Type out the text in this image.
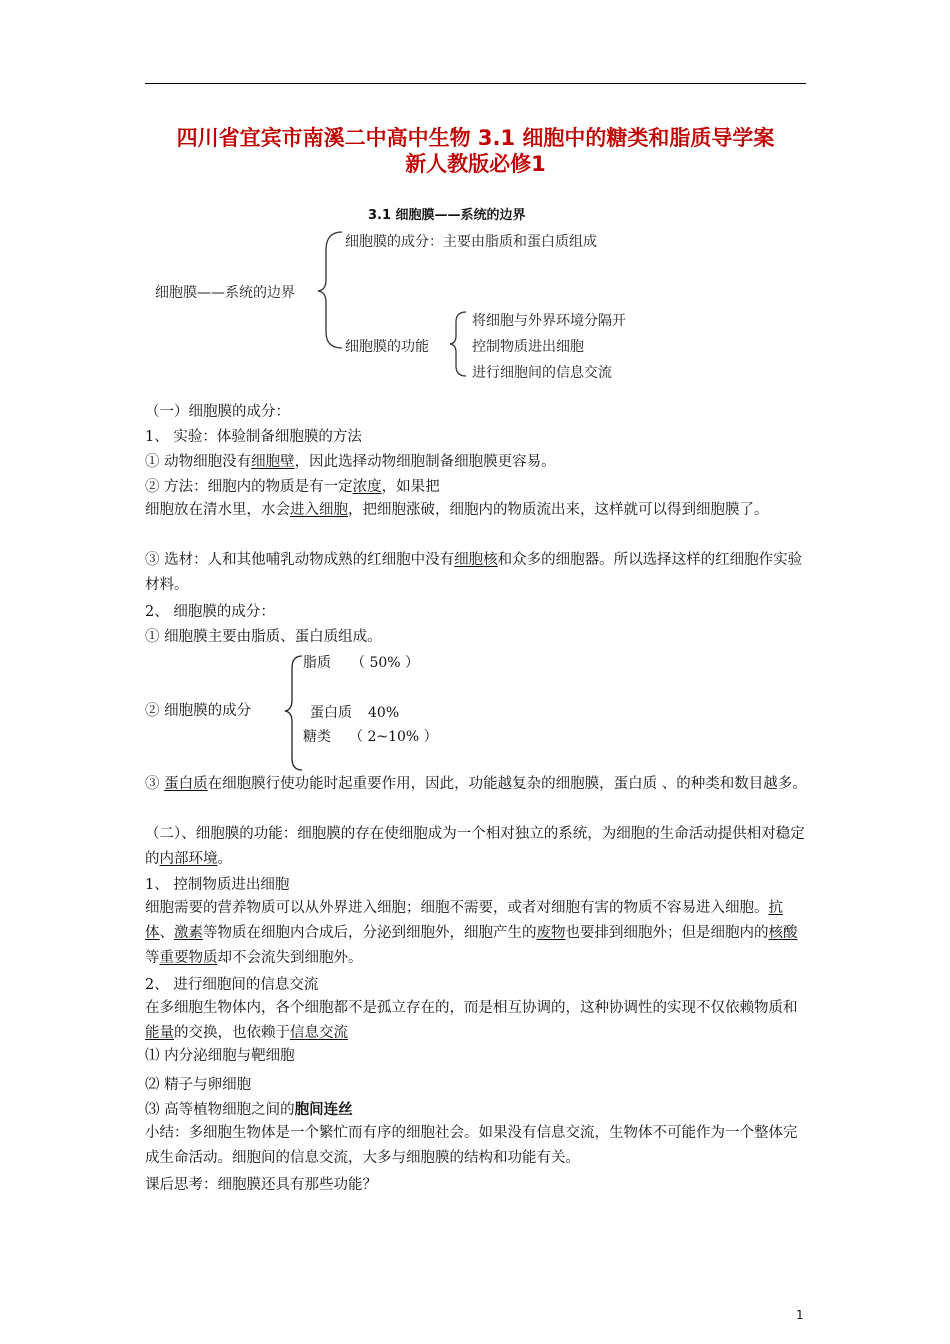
四川省宜宾市南溪二中高中生物 3.1 细胞中的糖类和脂质导学案
新人教版必修1
3.1 细胞膜——系统的边界
细胞膜——系统的边界
细胞膜的成分：主要由脂质和蛋白质组成
细胞膜的功能
将细胞与外界环境分隔开
控制物质进出细胞
进行细胞间的信息交流
（一）细胞膜的成分：
1、 实验：体验制备细胞膜的方法
① 动物细胞没有细胞壁，因此选择动物细胞制备细胞膜更容易。
② 方法：细胞内的物质是有一定浓度，如果把
细胞放在清水里，水会进入细胞，把细胞涨破，细胞内的物质流出来，这样就可以得到细胞膜了。
③ 选材：人和其他哺乳动物成熟的红细胞中没有细胞核和众多的细胞器。所以选择这样的红细胞作实验材料。
2、 细胞膜的成分：
① 细胞膜主要由脂质、蛋白质组成。
② 细胞膜的成分
脂质 （ 50% ）
蛋白质 40%
糖类 （ 2~10% ）
③ 蛋白质在细胞膜行使功能时起重要作用，因此，功能越复杂的细胞膜，蛋白质 、的种类和数目越多。
（二）、细胞膜的功能：细胞膜的存在使细胞成为一个相对独立的系统，为细胞的生命活动提供相对稳定的内部环境。
1、 控制物质进出细胞
细胞需要的营养物质可以从外界进入细胞；细胞不需要，或者对细胞有害的物质不容易进入细胞。抗体、激素等物质在细胞内合成后，分泌到细胞外，细胞产生的废物也要排到细胞外；但是细胞内的核酸等重要物质却不会流失到细胞外。
2、 进行细胞间的信息交流
在多细胞生物体内，各个细胞都不是孤立存在的，而是相互协调的，这种协调性的实现不仅依赖物质和能量的交换，也依赖于信息交流
⑴ 内分泌细胞与靶细胞
⑵ 精子与卵细胞
⑶ 高等植物细胞之间的胞间连丝
小结：多细胞生物体是一个繁忙而有序的细胞社会。如果没有信息交流，生物体不可能作为一个整体完成生命活动。细胞间的信息交流，大多与细胞膜的结构和功能有关。
课后思考：细胞膜还具有那些功能？
1
